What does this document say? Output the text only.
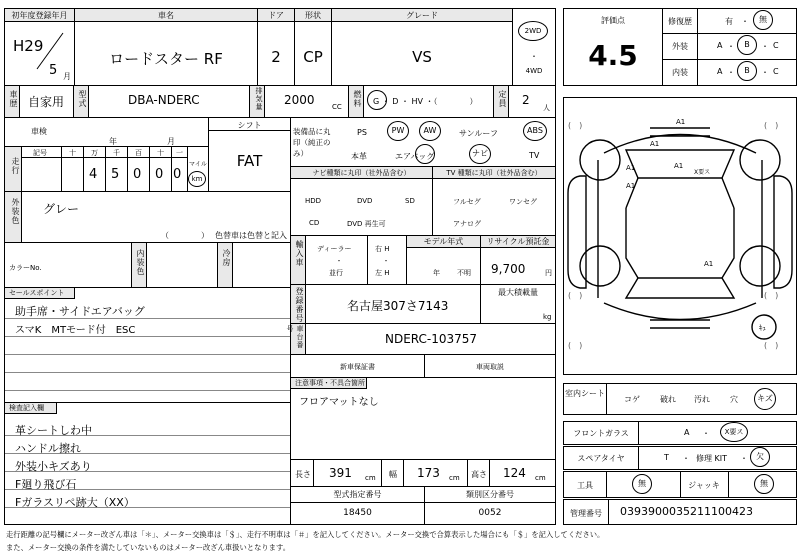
初年度登録年月
H29
5 月
車名
ロードスター RF
ドア
2
形状
CP
グレード
VS
2WD
・
4WD
車歴 自家用	型式	DBA-NDERC	排気量 2000 CC	燃料 G ・ D ・ HV ・（　　　　）	定員 2
人
車検
年	月
走行
記号	十 万 千 百 十 一
4 5 0 0 0
マイル
km
シフト
FAT
外装色 グレー
（　　　　） 色替車は色替と記入
カラーNo.	内装色	冷房
セールスポイント
助手席・サイドエアバッグ
スマK　MTモード付　ESC
検査記入欄
革シートしわ中
ハンドル擦れ
外装小キズあり
F廻り飛び石
Fガラスリペ跡大（XX）
装備品に丸印（純正のみ）
PS	PW	AW	サンルーフ	ABS
本革	エアバッグ	ナビ	TV
ナビ種類に丸印（社外品含む）
HDD	DVD	SD
CD	DVD 再生可
TV 種類に丸印（社外品含む）
フルセグ	ワンセグ
アナログ
輸入車 ディーラー
・
並行
右 H
・
左 H
モデル年式
年 不明
リサイクル預託金
9,700	円
登録番号	名古屋307さ7143
最大積載量
kg
車台番号
NDERC-103757
新車保証書	車両取説
注意事項・不具合箇所
フロアマットなし
長さ 391 cm 幅 173 cm 高さ 124 cm
型式指定番号
18450
類別区分番号
0052
評価点
4.5
修復歴	有 ・	無
外装	A ・	B	・ C
内装	A ・	B	・ C
A1
A1
A1
A1
A1
A1
X要ス
(　)	(　)
(　)	(　)
(　)	(　)
ｷｭ
室内シート
コゲ	破れ 汚れ	穴	キズ
フロントガラス	A ・	X要ス
スペアタイヤ	T ・ 修理 KIT ・	欠
工具	無	ジャッキ	無
管理番号	0393900035211100423
走行距離の記号欄にメーター改ざん車は「＊」、メーター交換車は「＄」、走行不明車は「＃」を記入してください。メーター交換で合算表示した場合にも「＄」を記入してください。
また、メーター交換の条件を満たしていないものはメーター改ざん車扱いとなります。
